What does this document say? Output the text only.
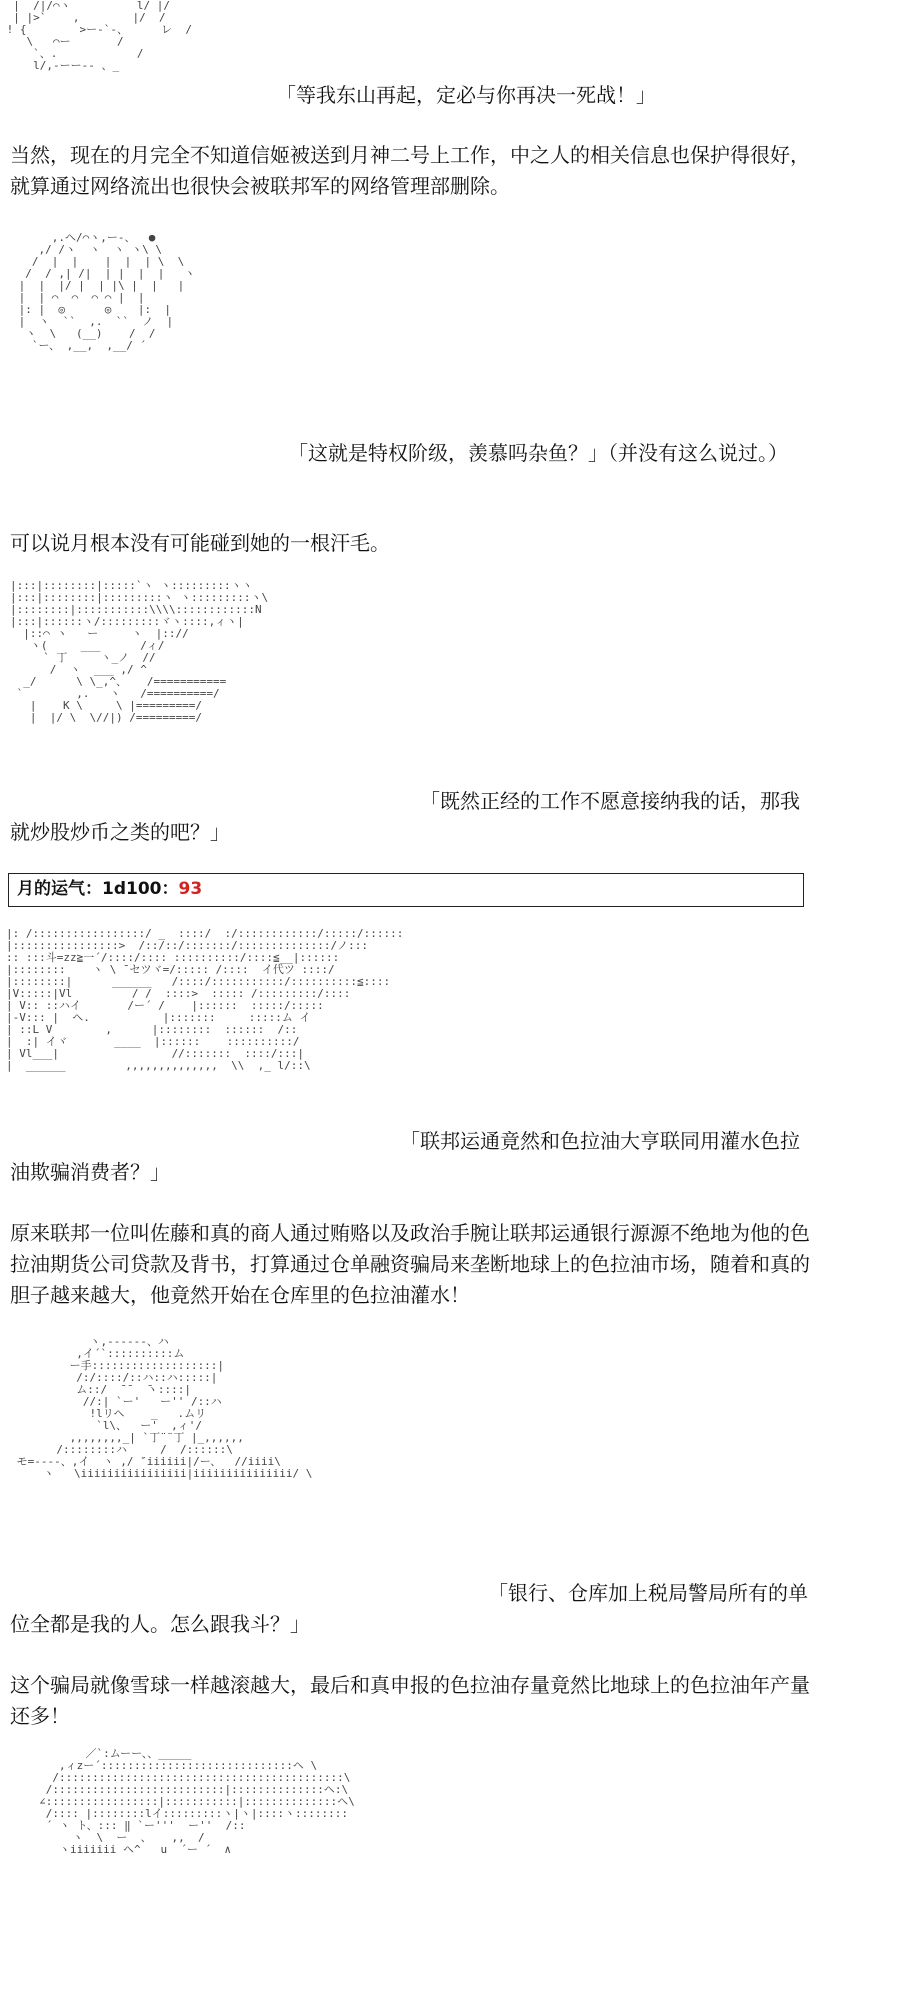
|  /|/⌒ヽ          l/ |/
| |>`    ,        |/  /
! {        >ー-`-、     レ  /
\   ⌒ー       /
`、.            /
l/,-ーー-- 、_
「等我东山再起，定必与你再决一死战！」
当然，现在的月完全不知道信姬被送到月神二号上工作，中之人的相关信息也保护得很好，就算通过网络流出也很快会被联邦军的网络管理部删除。
,.ヘ/⌒ヽ,ー-、  ●
,/ /ヽ  ヽ  ヽ ヽ\ \
/  |  |    |  |  | \  \
/  / ,| /|  | |  |  |   ヽ
|  |  |/ |  | |\ |  |   |
|  | ⌒  ⌒  ⌒ ⌒ |  |
|: |  ◎      ◎    |:  |
|  ヽ  ``  ,.  ``  ノ  |
ヽ  \   (__)    /  /
`ー、 ,__,  ,__/ ´
「这就是特权阶级，羡慕吗杂鱼？」（并没有这么说过。）
可以说月根本没有可能碰到她的一根汗毛。
|:::|::::::::|:::::`ヽ ヽ:::::::::ヽヽ
|:::|::::::::|:::::::::ヽ ヽ:::::::::ヽ\
|::::::::|:::::::::::\\\\::::::::::::N
|:::|::::::ヽ/:::::::::ヾヽ::::,ィヽ|
|::⌒ ヽ   ー     ヽ  |:://
ヽ(     ___      /ィ/
` 丁     ヽ_ノ  //
/  ヽ  ___ ,/ ^
_/      \ \_,^、   /===========
`        ,.   ヽ   /==========/
|    K \     \ |=========/
|  |/ \  \//|) /=========/
「既然正经的工作不愿意接纳我的话，那我就炒股炒币之类的吧？」
月的运气：1d100：93
|: /:::::::::::::::::/ _  ::::/  :/::::::::::::/:::::/::::::
|::::::::::::::::>  /::/::/:::::::/::::::::::::::/ノ:::
:: :::斗=zz≧一´/::::/:::: ::::::::::/::::≦__|::::::
|::::::::    ヽ \ ̄ セツヾ=/::::: /::::  イ代ツ ::::/
|::::::::|      ______   /::::/:::::::::::/::::::::::≦::::
|V:::::|Vl         / /  ::::>  ::::: /:::::::::/::::
| V:: ::ハイ       /ー´ /    |::::::  :::::/:::::
|-V::: |  ヘ.           |:::::::     :::::ム イ
| ::L V        ,      |::::::::  ::::::  /::
|  :| イヾ       ____  |::::::    ::::::::::/
| Vl___|                 //:::::::  ::::/:::|
|  ______         ,,,,,,,,,,,,,,  \\  ,_ l/::\
「联邦运通竟然和色拉油大亨联同用灌水色拉油欺骗消费者？」
原来联邦一位叫佐藤和真的商人通过贿赂以及政治手腕让联邦运通银行源源不绝地为他的色拉油期货公司贷款及背书，打算通过仓单融资骗局来垄断地球上的色拉油市场，随着和真的胆子越来越大，他竟然开始在仓库里的色拉油灌水！
ヽ,------、ハ
,イ´`::::::::::ム
ー手:::::::::::::::::::|
/:/::::/::ハ::ハ:::::|
ム::/  ̄ ̄   ̄ヽ::::|
//:| `ー'   ー'' /::ハ
!lリヘ    _   .ムリ
`l\、  ー'  ,ィ'/
,,,,,,,,_| `丁¨¨丁 |_,,,,,,
/::::::::ハ     /  /::::::\
モ=----、,イ  ヽ ,/ ″iiiiii|/ー、  //iiii\
ヽ   \iiiiiiiiiiiiiiii|iiiiiiiiiiiiiii/ \
「银行、仓库加上税局警局所有的单位全都是我的人。怎么跟我斗？」
这个骗局就像雪球一样越滚越大，最后和真申报的色拉油存量竟然比地球上的色拉油年产量还多！
／`:ムーー、、_____
,ィzー´:::::::::::::::::::::::::::::ヘ \
/:::::::::::::::::::::::::::::::::::::::::::\
/::::::::::::::::::::::::::|::::::::::::::ヘ:\
∠:::::::::::::::::|:::::::::::|::::::::::::::ヘ\
/:::: |::::::::lイ:::::::::ヽ|ヽ|::::ヽ::::::::
´ ヽ ト、::: ‖ `ー'''  ー''  /::
ヽ  \  ー  、   ,,  /
ヽiiiiiii ヘ^   u  ´ー ´  ∧
